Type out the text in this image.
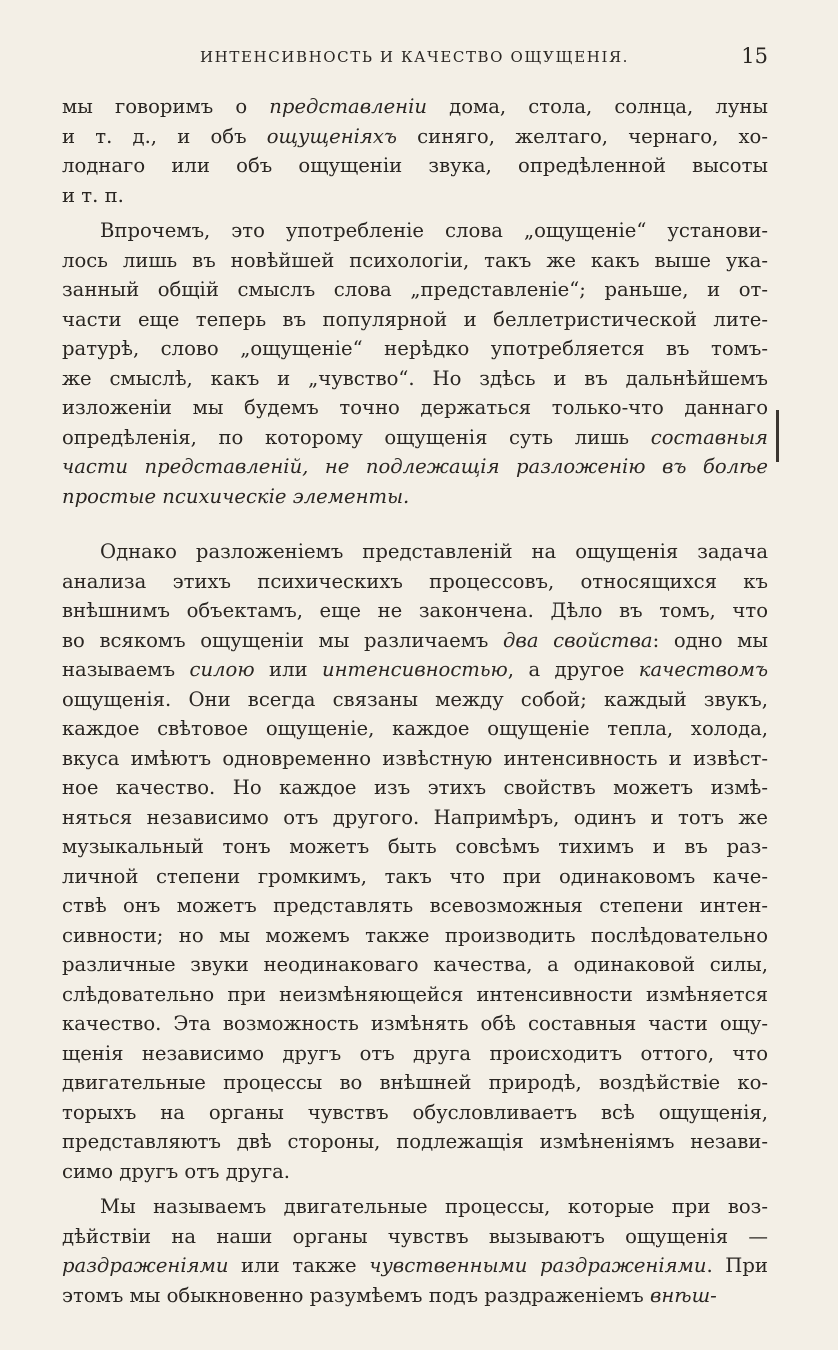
ИНТЕНСИВНОСТЬ И КАЧЕСТВО ОЩУЩЕНІЯ.	15
мы говоримъ о представленіи дома, стола, солнца, луны
и т. д., и объ ощущеніяхъ синяго, желтаго, чернаго, хо-
лоднаго или объ ощущеніи звука, опредѣленной высоты
и т. п.
Впрочемъ, это употребленіе слова „ощущеніе“ установи-
лось лишь въ новѣйшей психологіи, такъ же какъ выше ука-
занный общій смыслъ слова „представленіе“; раньше, и от-
части еще теперь въ популярной и беллетристической лите-
ратурѣ, слово „ощущеніе“ нерѣдко употребляется въ томъ-
же смыслѣ, какъ и „чувство“. Но здѣсь и въ дальнѣйшемъ
изложеніи мы будемъ точно держаться только-что даннаго
опредѣленія, по которому ощущенія суть лишь составныя
части представленій, не подлежащія разложенію въ болѣе
простые психическіе элементы.
Однако разложеніемъ представленій на ощущенія задача
анализа этихъ психическихъ процессовъ, относящихся къ
внѣшнимъ объектамъ, еще не закончена. Дѣло въ томъ, что
во всякомъ ощущеніи мы различаемъ два свойства: одно мы
называемъ силою или интенсивностью, а другое качествомъ
ощущенія. Они всегда связаны между собой; каждый звукъ,
каждое свѣтовое ощущеніе, каждое ощущеніе тепла, холода,
вкуса имѣютъ одновременно извѣстную интенсивность и извѣст-
ное качество. Но каждое изъ этихъ свойствъ можетъ измѣ-
няться независимо отъ другого. Напримѣръ, одинъ и тотъ же
музыкальный тонъ можетъ быть совсѣмъ тихимъ и въ раз-
личной степени громкимъ, такъ что при одинаковомъ каче-
ствѣ онъ можетъ представлять всевозможныя степени интен-
сивности; но мы можемъ также производить послѣдовательно
различные звуки неодинаковаго качества, а одинаковой силы,
слѣдовательно при неизмѣняющейся интенсивности измѣняется
качество. Эта возможность измѣнять обѣ составныя части ощу-
щенія независимо другъ отъ друга происходитъ оттого, что
двигательные процессы во внѣшней природѣ, воздѣйствіе ко-
торыхъ на органы чувствъ обусловливаетъ всѣ ощущенія,
представляютъ двѣ стороны, подлежащія измѣненіямъ незави-
симо другъ отъ друга.
Мы называемъ двигательные процессы, которые при воз-
дѣйствіи на наши органы чувствъ вызываютъ ощущенія —
раздраженіями или также чувственными раздраженіями. При
этомъ мы обыкновенно разумѣемъ подъ раздраженіемъ внѣш-
